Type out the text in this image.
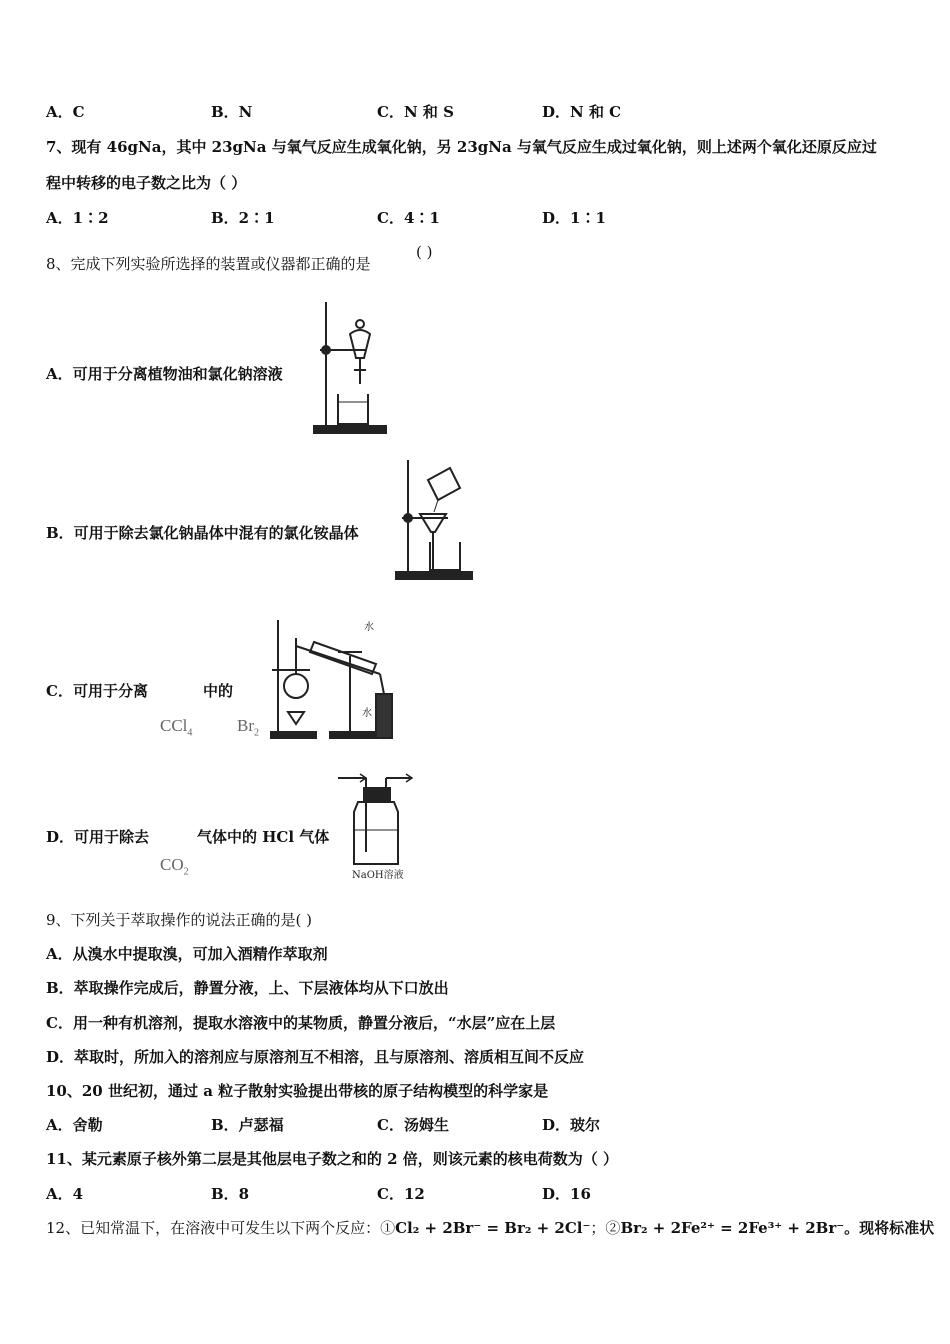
A．C	B．N	C．N 和 S	D．N 和 C
7、现有 46gNa，其中 23gNa 与氧气反应生成氧化钠，另 23gNa 与氧气反应生成过氧化钠，则上述两个氧化还原反应过
程中转移的电子数之比为（ ）
A．1∶2	B．2∶1	C．4∶1	D．1∶1
8、完成下列实验所选择的装置或仪器都正确的是
( )
A．可用于分离植物油和氯化钠溶液
B．可用于除去氯化钠晶体中混有的氯化铵晶体
C．可用于分离	中的
CCl$_4$	$Br_2$
水
水
D．可用于除去	气体中的 HCl 气体
$CO_2$	NaOH溶液
9、下列关于萃取操作的说法正确的是( )
A．从溴水中提取溴，可加入酒精作萃取剂
B．萃取操作完成后，静置分液，上、下层液体均从下口放出
C．用一种有机溶剂，提取水溶液中的某物质，静置分液后，“水层”应在上层
D．萃取时，所加入的溶剂应与原溶剂互不相溶，且与原溶剂、溶质相互间不反应
10、20 世纪初，通过 a 粒子散射实验提出带核的原子结构模型的科学家是
A．舍勒	B．卢瑟福	C．汤姆生	D．玻尔
11、某元素原子核外第二层是其他层电子数之和的 2 倍，则该元素的核电荷数为（ ）
A．4	B．8	C．12	D．16
12、已知常温下，在溶液中可发生以下两个反应：①Cl₂ + 2Br⁻ = Br₂ + 2Cl⁻；②Br₂ + 2Fe²⁺ = 2Fe³⁺ + 2Br⁻。现将标准状
